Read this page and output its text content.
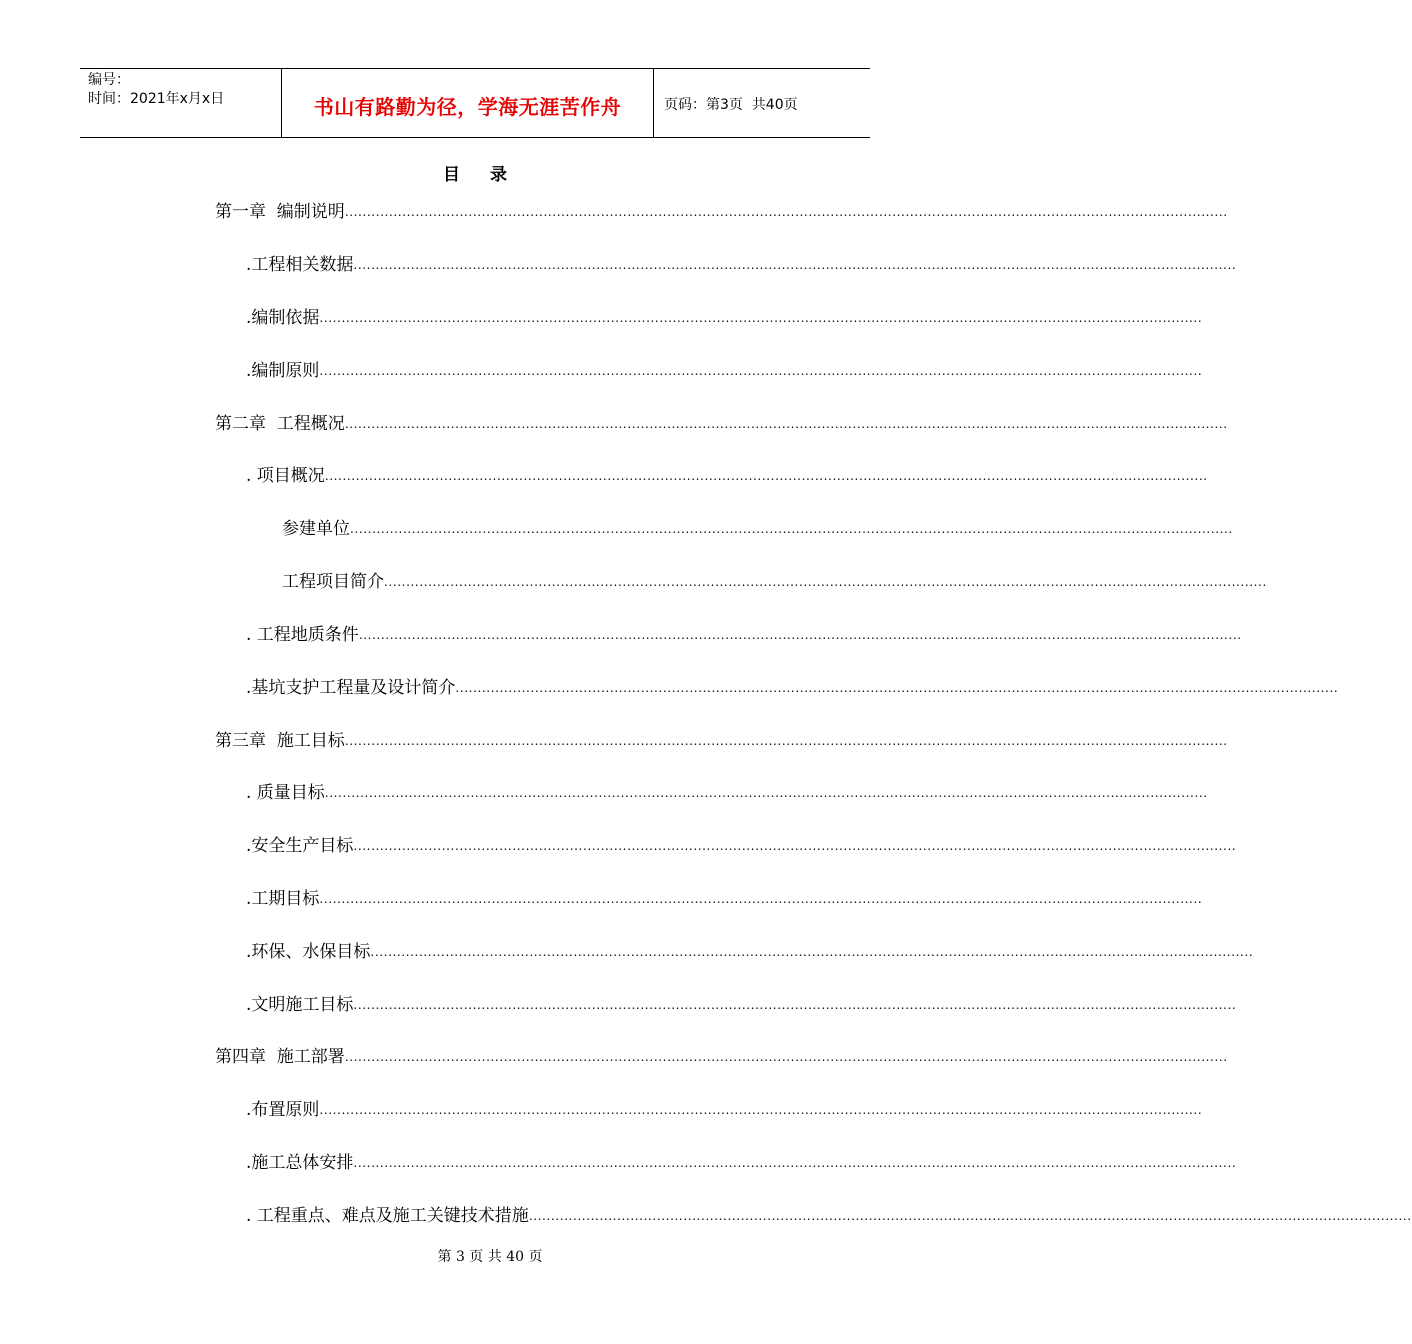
编号：
时间：2021年x月x日	书山有路勤为径，学海无涯苦作舟	页码：第3页  共40页
目录
第一章  编制说明 ........................................................................................................................................................................................................
.工程相关数据 ........................................................................................................................................................................................................
.编制依据 ........................................................................................................................................................................................................
.编制原则 ........................................................................................................................................................................................................
第二章  工程概况 ........................................................................................................................................................................................................
. 项目概况 ........................................................................................................................................................................................................
参建单位 ........................................................................................................................................................................................................
工程项目简介 ........................................................................................................................................................................................................
. 工程地质条件 ........................................................................................................................................................................................................
.基坑支护工程量及设计简介 ........................................................................................................................................................................................................
第三章  施工目标 ........................................................................................................................................................................................................
. 质量目标 ........................................................................................................................................................................................................
.安全生产目标 ........................................................................................................................................................................................................
.工期目标 ........................................................................................................................................................................................................
.环保、水保目标 ........................................................................................................................................................................................................
.文明施工目标 ........................................................................................................................................................................................................
第四章  施工部署 ........................................................................................................................................................................................................
.布置原则 ........................................................................................................................................................................................................
.施工总体安排 ........................................................................................................................................................................................................
. 工程重点、难点及施工关键技术措施 ........................................................................................................................................................................................................
第 3 页 共 40 页
